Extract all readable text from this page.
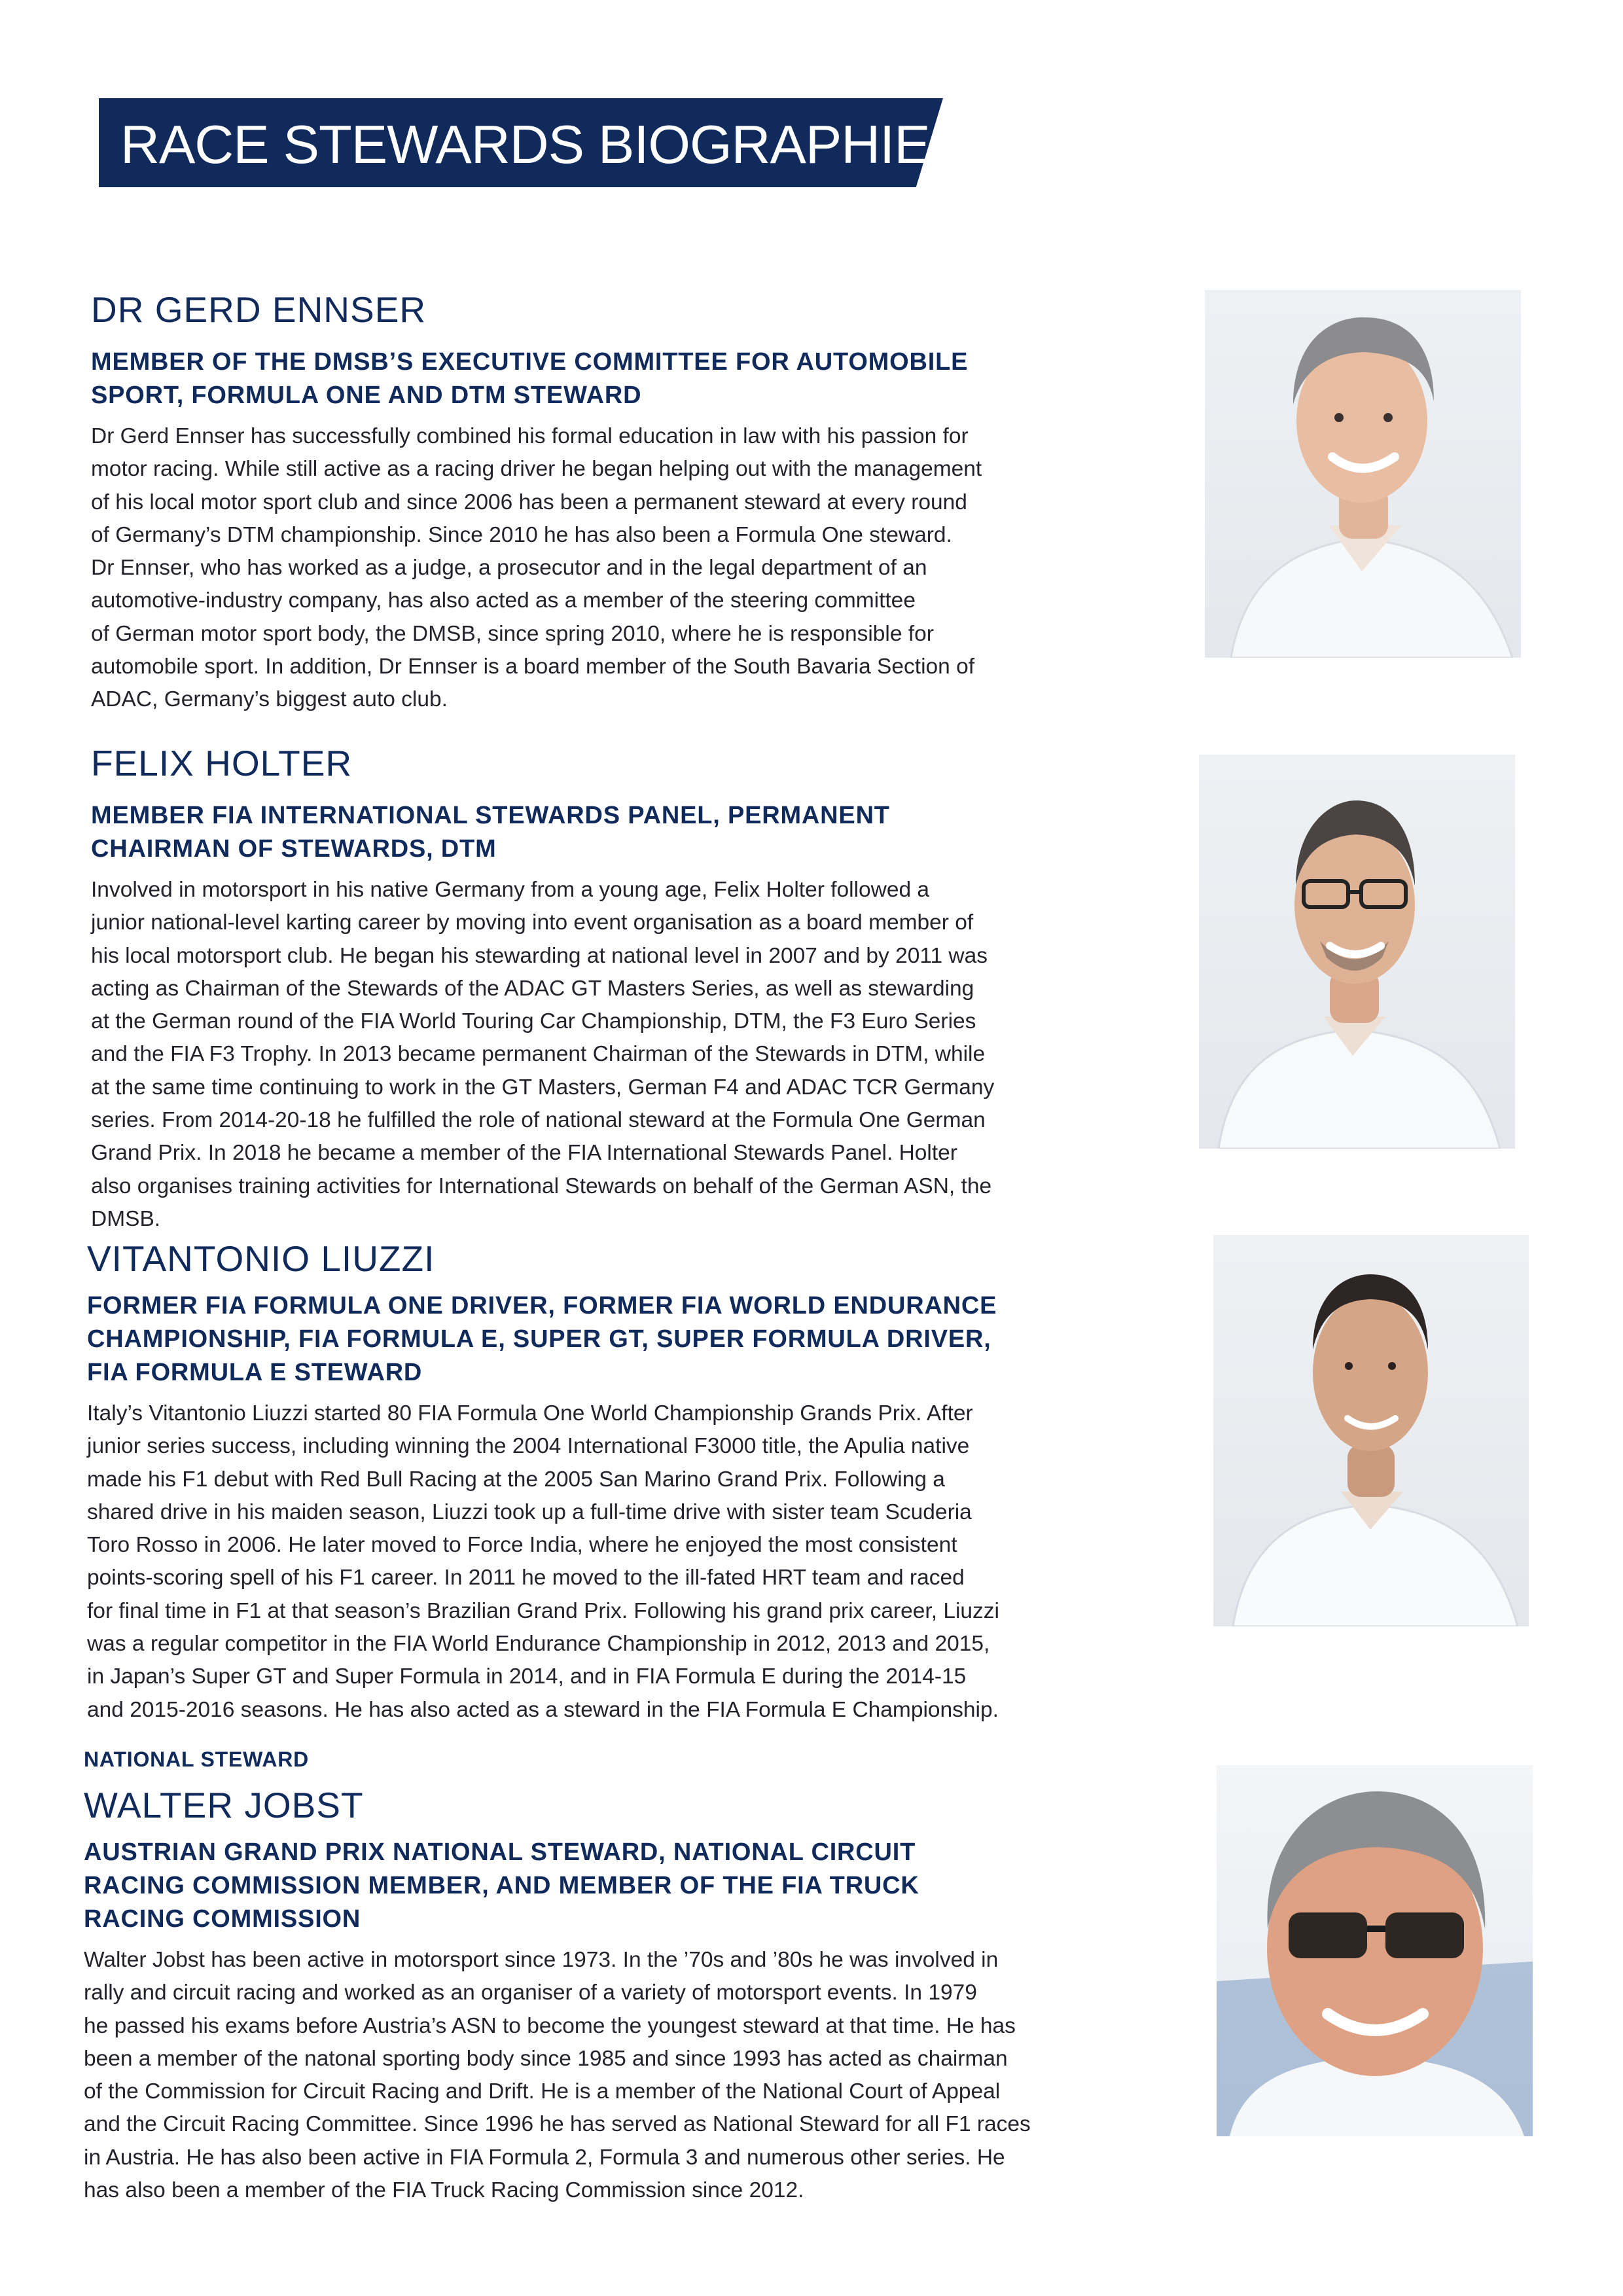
RACE STEWARDS BIOGRAPHIES
DR GERD ENNSER
MEMBER OF THE DMSB’S EXECUTIVE COMMITTEE FOR AUTOMOBILE
SPORT, FORMULA ONE AND DTM STEWARD
Dr Gerd Ennser has successfully combined his formal education in law with his passion for
motor racing. While still active as a racing driver he began helping out with the management
of his local motor sport club and since 2006 has been a permanent steward at every round
of Germany’s DTM championship. Since 2010 he has also been a Formula One steward.
Dr Ennser, who has worked as a judge, a prosecutor and in the legal department of an
automotive-industry company, has also acted as a member of the steering committee
of German motor sport body, the DMSB, since spring 2010, where he is responsible for
automobile sport. In addition, Dr Ennser is a board member of the South Bavaria Section of
ADAC, Germany’s biggest auto club.
FELIX HOLTER
MEMBER FIA INTERNATIONAL STEWARDS PANEL, PERMANENT
CHAIRMAN OF STEWARDS, DTM
Involved in motorsport in his native Germany from a young age, Felix Holter followed a
junior national-level karting career by moving into event organisation as a board member of
his local motorsport club. He began his stewarding at national level in 2007 and by 2011 was
acting as Chairman of the Stewards of the ADAC GT Masters Series, as well as stewarding
at the German round of the FIA World Touring Car Championship, DTM, the F3 Euro Series
and the FIA F3 Trophy. In 2013 became permanent Chairman of the Stewards in DTM, while
at the same time continuing to work in the GT Masters, German F4 and ADAC TCR Germany
series. From 2014-20-18 he fulfilled the role of national steward at the Formula One German
Grand Prix. In 2018 he became a member of the FIA International Stewards Panel. Holter
also organises training activities for International Stewards on behalf of the German ASN, the
DMSB.
VITANTONIO LIUZZI
FORMER FIA FORMULA ONE DRIVER, FORMER FIA WORLD ENDURANCE
CHAMPIONSHIP, FIA FORMULA E, SUPER GT, SUPER FORMULA DRIVER,
FIA FORMULA E STEWARD
Italy’s Vitantonio Liuzzi started 80 FIA Formula One World Championship Grands Prix. After
junior series success, including winning the 2004 International F3000 title, the Apulia native
made his F1 debut with Red Bull Racing at the 2005 San Marino Grand Prix. Following a
shared drive in his maiden season, Liuzzi took up a full-time drive with sister team Scuderia
Toro Rosso in 2006. He later moved to Force India, where he enjoyed the most consistent
points-scoring spell of his F1 career. In 2011 he moved to the ill-fated HRT team and raced
for final time in F1 at that season’s Brazilian Grand Prix. Following his grand prix career, Liuzzi
was a regular competitor in the FIA World Endurance Championship in 2012, 2013 and 2015,
in Japan’s Super GT and Super Formula in 2014, and in FIA Formula E during the 2014-15
and 2015-2016 seasons. He has also acted as a steward in the FIA Formula E Championship.
NATIONAL STEWARD
WALTER JOBST
AUSTRIAN GRAND PRIX NATIONAL STEWARD, NATIONAL CIRCUIT
RACING COMMISSION MEMBER, AND MEMBER OF THE FIA TRUCK
RACING COMMISSION
Walter Jobst has been active in motorsport since 1973. In the ’70s and ’80s he was involved in
rally and circuit racing and worked as an organiser of a variety of motorsport events. In 1979
he passed his exams before Austria’s ASN to become the youngest steward at that time. He has
been a member of the natonal sporting body since 1985 and since 1993 has acted as chairman
of the Commission for Circuit Racing and Drift. He is a member of the National Court of Appeal
and the Circuit Racing Committee. Since 1996 he has served as National Steward for all F1 races
in Austria. He has also been active in FIA Formula 2, Formula 3 and numerous other series. He
has also been a member of the FIA Truck Racing Commission since 2012.
